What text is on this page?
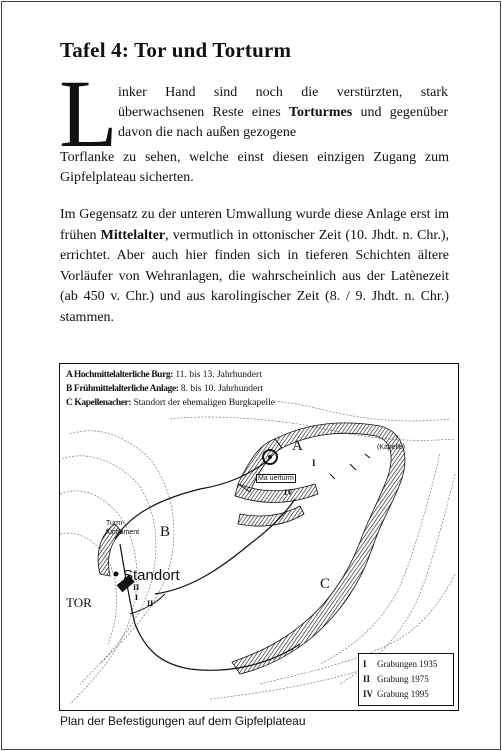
Tafel 4: Tor und Torturm
L inker Hand sind noch die verstürzten, stark überwachsenen Reste eines Torturmes und gegenüber davon die nach außen gezogene
Torflanke zu sehen, welche einst diesen einzigen Zugang zum Gipfelplateau sicherten.
Im Gegensatz zu der unteren Umwallung wurde diese Anlage erst im frühen Mittelalter, vermutlich in ottonischer Zeit (10. Jhdt. n. Chr.), errichtet. Aber auch hier finden sich in tieferen Schichten ältere Vorläufer von Wehranlagen, die wahrscheinlich aus der Latènezeit (ab 450 v. Chr.) und aus karolingischer Zeit (8. / 9. Jhdt. n. Chr.) stammen.
A Hochmittelalterliche Burg: 11. bis 13. Jahrhundert
B Frühmittelalterliche Anlage: 8. bis 10. Jahrhundert
C Kapellenacher: Standort der ehemaligen Burgkapelle
A
B
C
I
IV
×
(Kapelle)
Ma uerturm
Turm-
fundament
Standort
TOR
II
I
II
I Grabungen 1935
II Grabung 1975
IV Grabung 1995
Plan der Befestigungen auf dem Gipfelplateau
